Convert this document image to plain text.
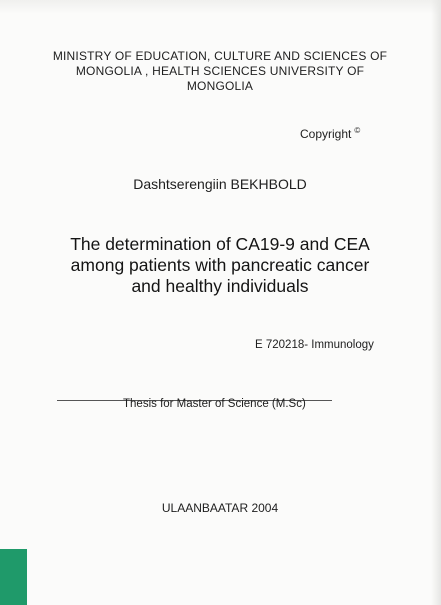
MINISTRY OF EDUCATION, CULTURE AND SCIENCES OF
MONGOLIA , HEALTH SCIENCES UNIVERSITY OF
MONGOLIA
Copyright ©
Dashtserengiin BEKHBOLD
The determination of CA19-9 and CEA
among patients with pancreatic cancer
and healthy individuals
E 720218- Immunology
Thesis for Master of Science (M.Sc)
ULAANBAATAR 2004
